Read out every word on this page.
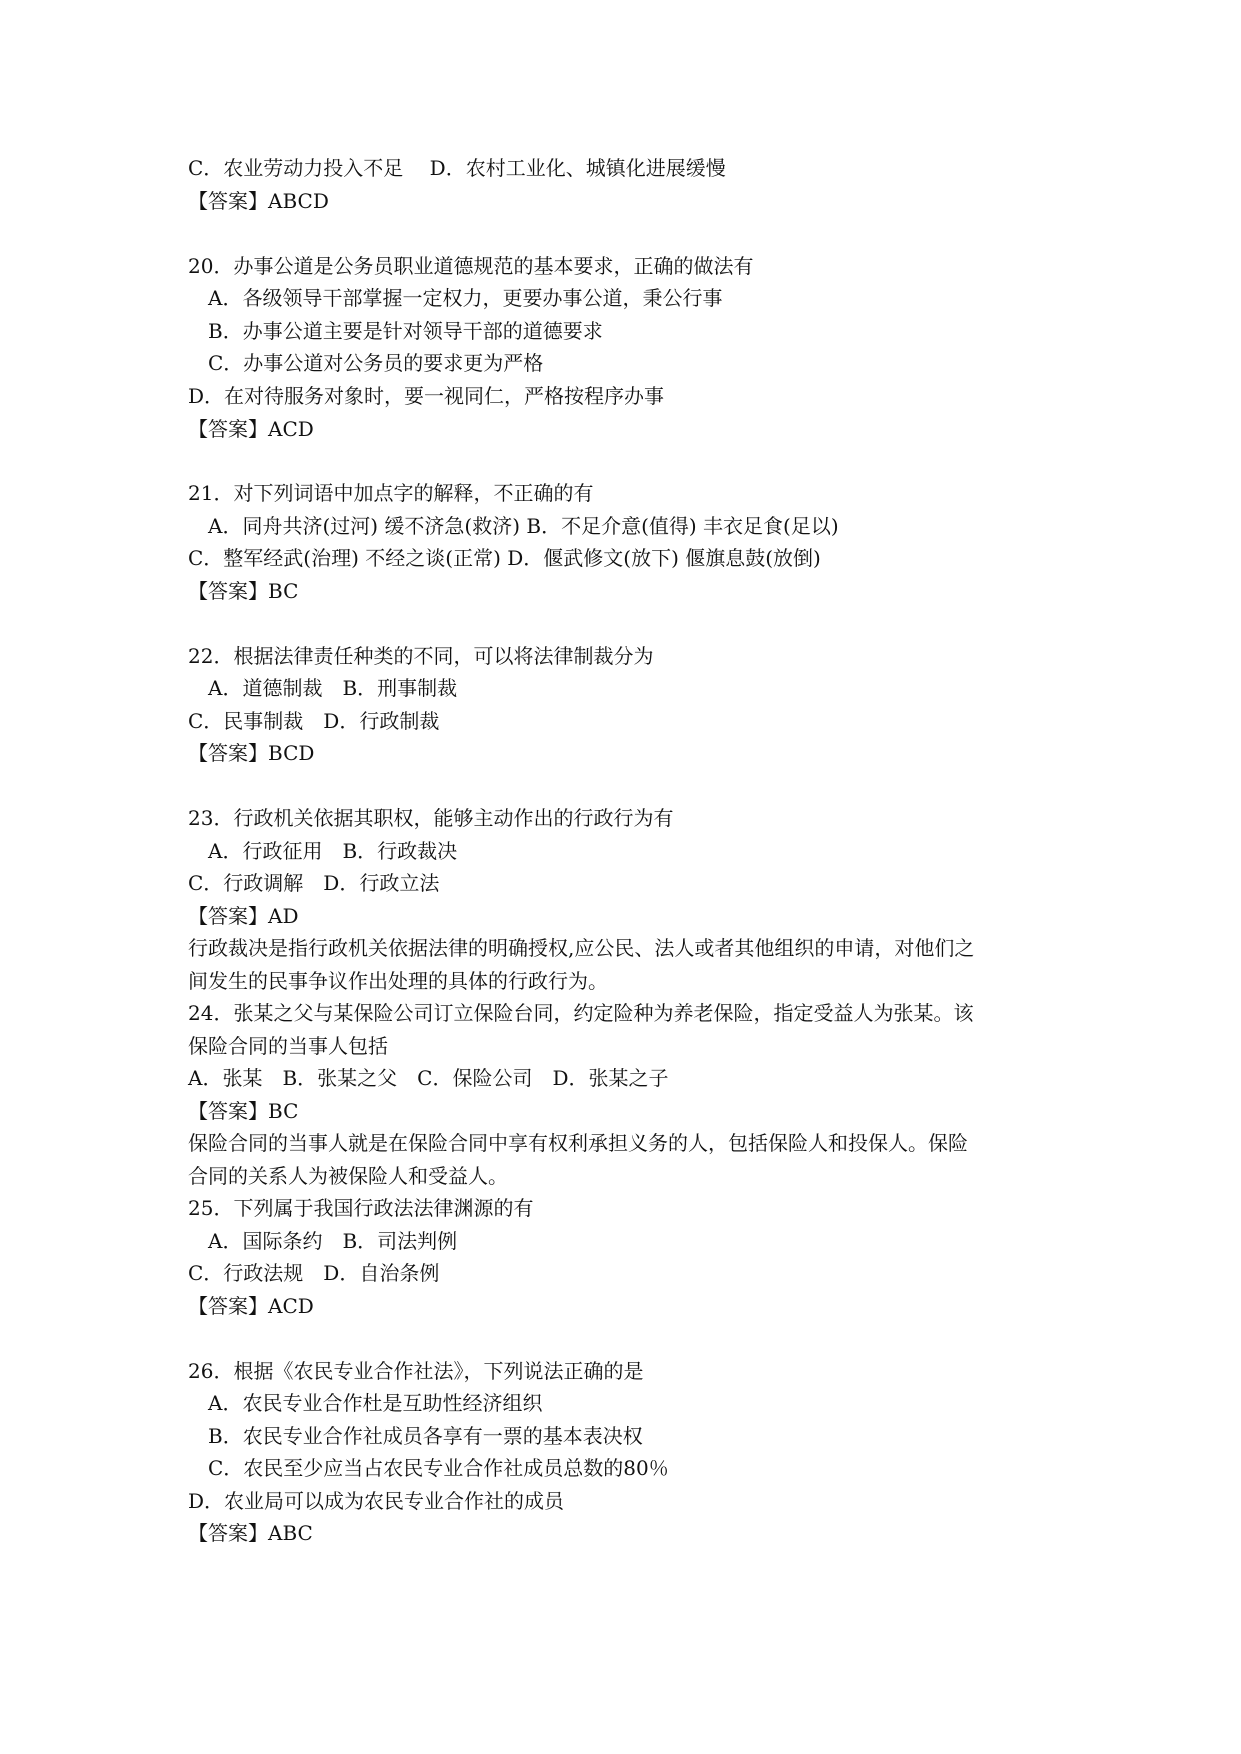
C．农业劳动力投入不足　 D．农村工业化、城镇化进展缓慢
【答案】ABCD
20．办事公道是公务员职业道德规范的基本要求，正确的做法有
A．各级领导干部掌握一定权力，更要办事公道，秉公行事
B．办事公道主要是针对领导干部的道德要求
C．办事公道对公务员的要求更为严格
D．在对待服务对象时，要一视同仁，严格按程序办事
【答案】ACD
21．对下列词语中加点字的解释，不正确的有
A．同舟共济(过河) 缓不济急(救济) B．不足介意(值得) 丰衣足食(足以)
C．整军经武(治理) 不经之谈(正常) D．偃武修文(放下) 偃旗息鼓(放倒)
【答案】BC
22．根据法律责任种类的不同，可以将法律制裁分为
A．道德制裁　B．刑事制裁
C．民事制裁　D．行政制裁
【答案】BCD
23．行政机关依据其职权，能够主动作出的行政行为有
A．行政征用　B．行政裁决
C．行政调解　D．行政立法
【答案】AD
行政裁决是指行政机关依据法律的明确授权,应公民、法人或者其他组织的申请，对他们之
间发生的民事争议作出处理的具体的行政行为。
24．张某之父与某保险公司订立保险台同，约定险种为养老保险，指定受益人为张某。该
保险合同的当事人包括
A．张某　B．张某之父　C．保险公司　D．张某之子
【答案】BC
保险合同的当事人就是在保险合同中享有权利承担义务的人，包括保险人和投保人。保险
合同的关系人为被保险人和受益人。
25．下列属于我国行政法法律渊源的有
A．国际条约　B．司法判例
C．行政法规　D．自治条例
【答案】ACD
26．根据《农民专业合作社法》，下列说法正确的是
A．农民专业合作杜是互助性经济组织
B．农民专业合作社成员各享有一票的基本表决权
C．农民至少应当占农民专业合作社成员总数的80％
D．农业局可以成为农民专业合作社的成员
【答案】ABC
